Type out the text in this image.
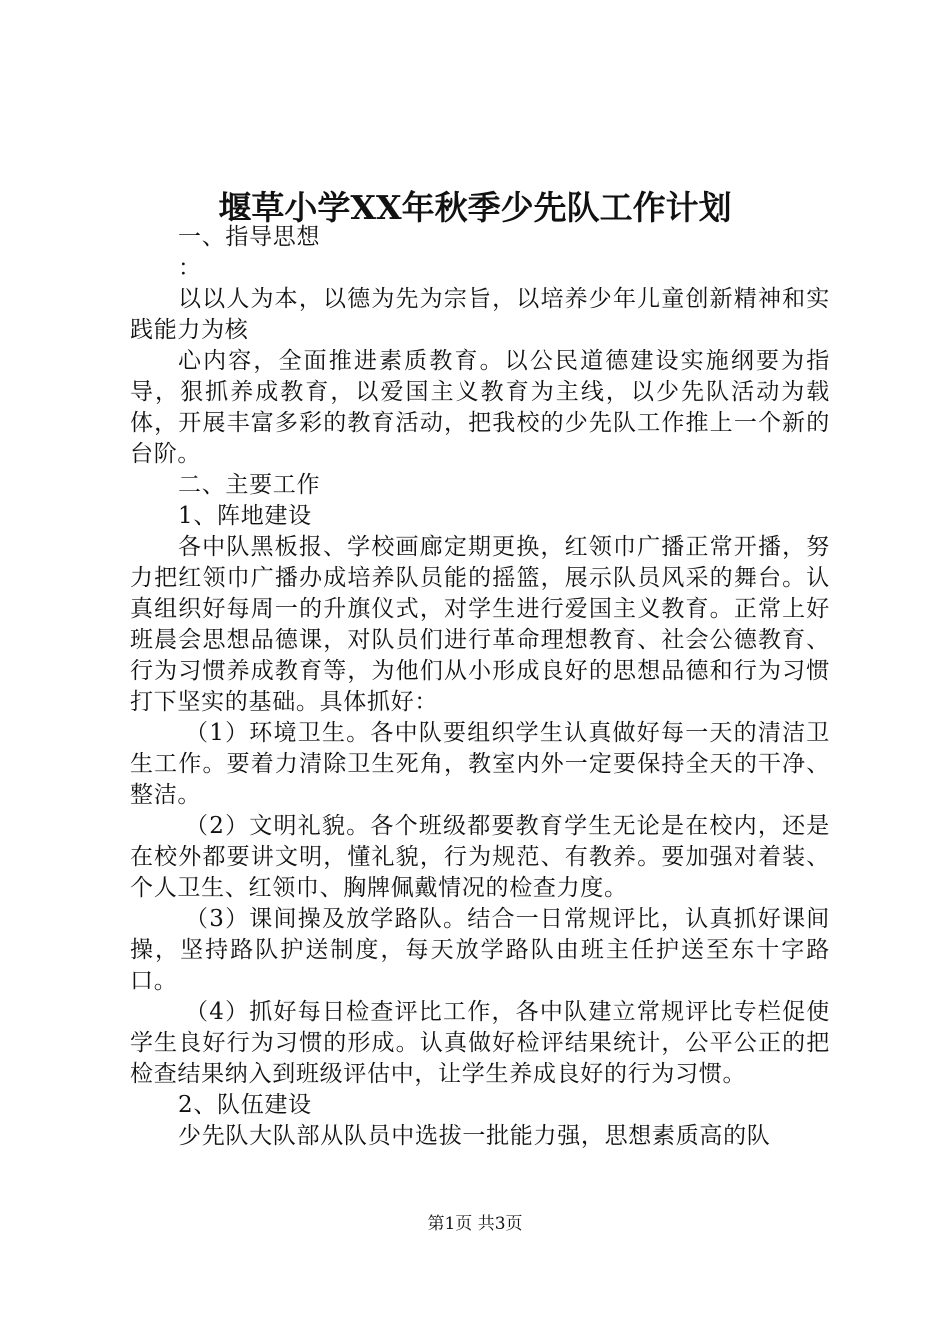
堰草小学XX年秋季少先队工作计划

一、指导思想

：

以以人为本，以德为先为宗旨，以培养少年儿童创新精神和实践能力为核

心内容，全面推进素质教育。以公民道德建设实施纲要为指导，狠抓养成教育，以爱国主义教育为主线，以少先队活动为载体，开展丰富多彩的教育活动，把我校的少先队工作推上一个新的台阶。

二、主要工作

1、阵地建设

各中队黑板报、学校画廊定期更换，红领巾广播正常开播，努力把红领巾广播办成培养队员能的摇篮，展示队员风采的舞台。认真组织好每周一的升旗仪式，对学生进行爱国主义教育。正常上好班晨会思想品德课，对队员们进行革命理想教育、社会公德教育、行为习惯养成教育等，为他们从小形成良好的思想品德和行为习惯打下坚实的基础。具体抓好：

（1）环境卫生。各中队要组织学生认真做好每一天的清洁卫生工作。要着力清除卫生死角，教室内外一定要保持全天的干净、整洁。

（2）文明礼貌。各个班级都要教育学生无论是在校内，还是在校外都要讲文明，懂礼貌，行为规范、有教养。要加强对着装、个人卫生、红领巾、胸牌佩戴情况的检查力度。

（3）课间操及放学路队。结合一日常规评比，认真抓好课间操，坚持路队护送制度，每天放学路队由班主任护送至东十字路口。

（4）抓好每日检查评比工作，各中队建立常规评比专栏促使学生良好行为习惯的形成。认真做好检评结果统计，公平公正的把检查结果纳入到班级评估中，让学生养成良好的行为习惯。

2、队伍建设

少先队大队部从队员中选拔一批能力强，思想素质高的队

第1页 共3页
